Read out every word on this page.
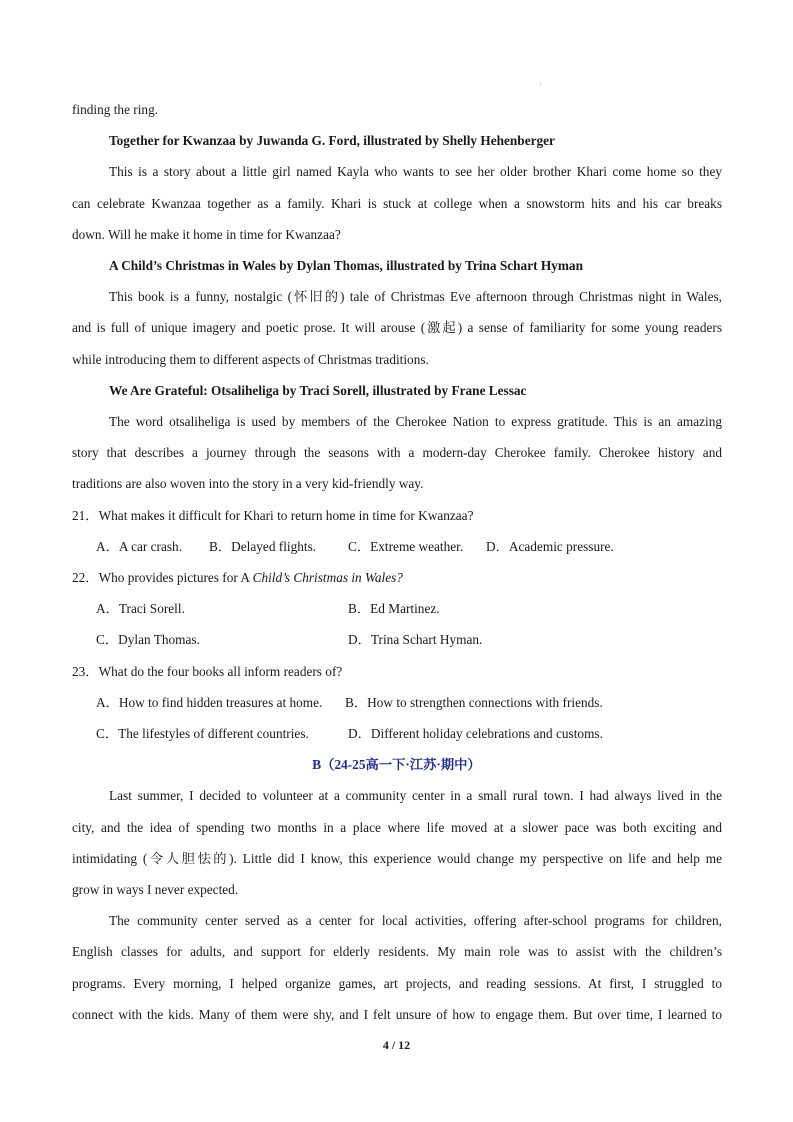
'
finding the ring.
Together for Kwanzaa by Juwanda G. Ford, illustrated by Shelly Hehenberger
This is a story about a little girl named Kayla who wants to see her older brother Khari come home so they
can celebrate Kwanzaa together as a family. Khari is stuck at college when a snowstorm hits and his car breaks
down. Will he make it home in time for Kwanzaa?
A Child’s Christmas in Wales by Dylan Thomas, illustrated by Trina Schart Hyman
This book is a funny, nostalgic (怀旧的) tale of Christmas Eve afternoon through Christmas night in Wales,
and is full of unique imagery and poetic prose. It will arouse (激起) a sense of familiarity for some young readers
while introducing them to different aspects of Christmas traditions.
We Are Grateful: Otsaliheliga by Traci Sorell, illustrated by Frane Lessac
The word otsaliheliga is used by members of the Cherokee Nation to express gratitude. This is an amazing
story that describes a journey through the seasons with a modern-day Cherokee family. Cherokee history and
traditions are also woven into the story in a very kid-friendly way.
21．What makes it difficult for Khari to return home in time for Kwanzaa?
A．A car crash. B．Delayed flights. C．Extreme weather. D．Academic pressure.
22．Who provides pictures for A Child’s Christmas in Wales?
A．Traci Sorell.	B．Ed Martinez.
C．Dylan Thomas.	D．Trina Schart Hyman.
23．What do the four books all inform readers of?
A．How to find hidden treasures at home. B．How to strengthen connections with friends.
C．The lifestyles of different countries.	D．Different holiday celebrations and customs.
B（24-25高一下·江苏·期中）
Last summer, I decided to volunteer at a community center in a small rural town. I had always lived in the
city, and the idea of spending two months in a place where life moved at a slower pace was both exciting and
intimidating (令人胆怯的). Little did I know, this experience would change my perspective on life and help me
grow in ways I never expected.
The community center served as a center for local activities, offering after-school programs for children,
English classes for adults, and support for elderly residents. My main role was to assist with the children’s
programs. Every morning, I helped organize games, art projects, and reading sessions. At first, I struggled to
connect with the kids. Many of them were shy, and I felt unsure of how to engage them. But over time, I learned to
4 / 12
